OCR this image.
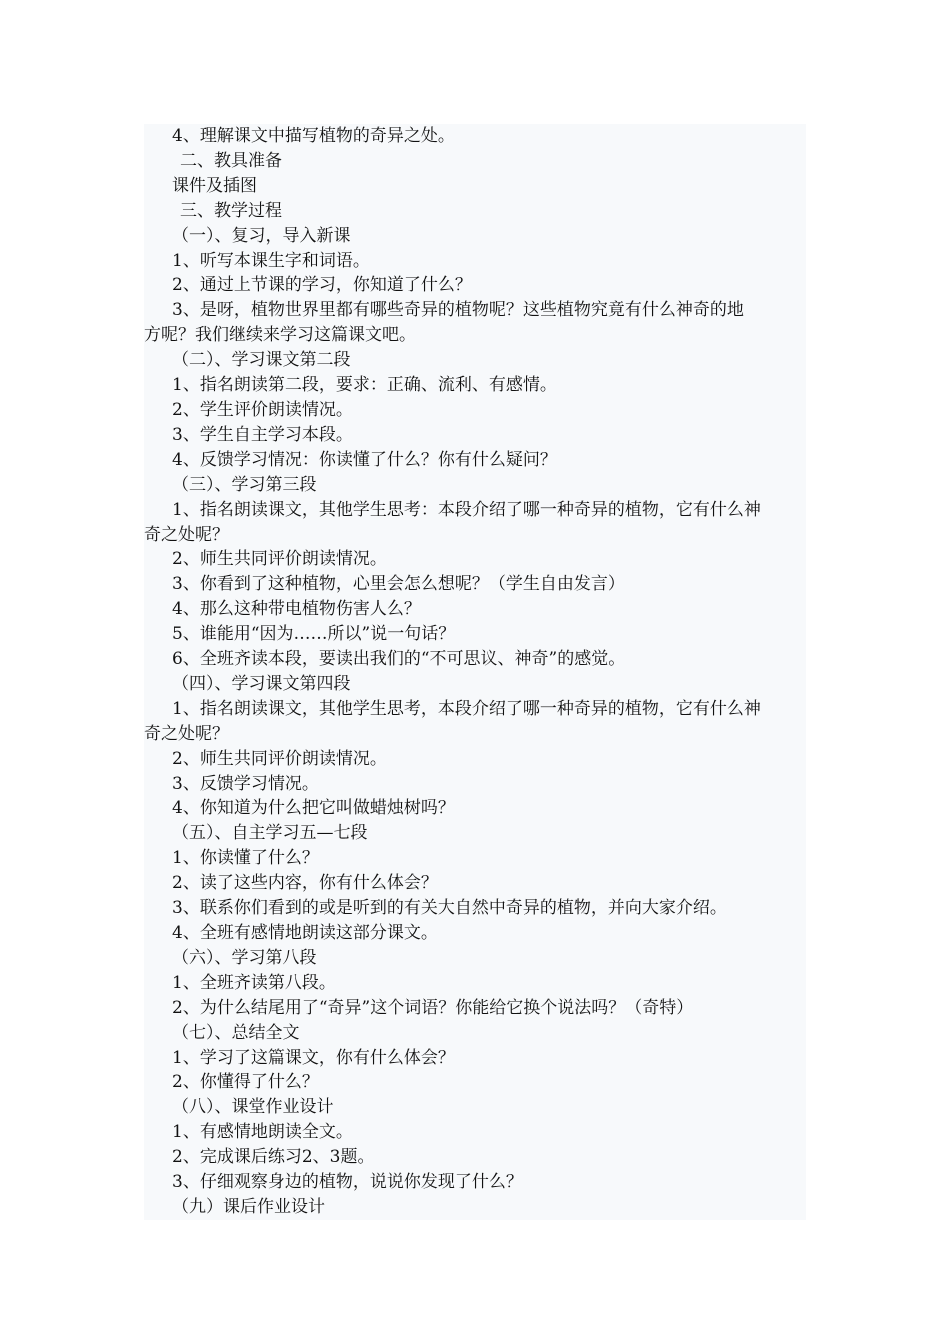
4、理解课文中描写植物的奇异之处。

二、教具准备

课件及插图

三、教学过程

（一）、复习，导入新课

1、听写本课生字和词语。

2、通过上节课的学习，你知道了什么？

3、是呀，植物世界里都有哪些奇异的植物呢？这些植物究竟有什么神奇的地

方呢？我们继续来学习这篇课文吧。

（二）、学习课文第二段

1、指名朗读第二段，要求：正确、流利、有感情。

2、学生评价朗读情况。

3、学生自主学习本段。

4、反馈学习情况：你读懂了什么？你有什么疑问？

（三）、学习第三段

1、指名朗读课文，其他学生思考：本段介绍了哪一种奇异的植物，它有什么神

奇之处呢？

2、师生共同评价朗读情况。

3、你看到了这种植物，心里会怎么想呢？（学生自由发言）

4、那么这种带电植物伤害人么？

5、谁能用“因为……所以”说一句话？

6、全班齐读本段，要读出我们的“不可思议、神奇”的感觉。

（四）、学习课文第四段

1、指名朗读课文，其他学生思考，本段介绍了哪一种奇异的植物，它有什么神

奇之处呢？

2、师生共同评价朗读情况。

3、反馈学习情况。

4、你知道为什么把它叫做蜡烛树吗？

（五）、自主学习五—七段

1、你读懂了什么？

2、读了这些内容，你有什么体会？

3、联系你们看到的或是听到的有关大自然中奇异的植物，并向大家介绍。

4、全班有感情地朗读这部分课文。

（六）、学习第八段

1、全班齐读第八段。

2、为什么结尾用了“奇异”这个词语？你能给它换个说法吗？（奇特）

（七）、总结全文

1、学习了这篇课文，你有什么体会？

2、你懂得了什么？

（八）、课堂作业设计

1、有感情地朗读全文。

2、完成课后练习2、3题。

3、仔细观察身边的植物，说说你发现了什么？

（九）课后作业设计
